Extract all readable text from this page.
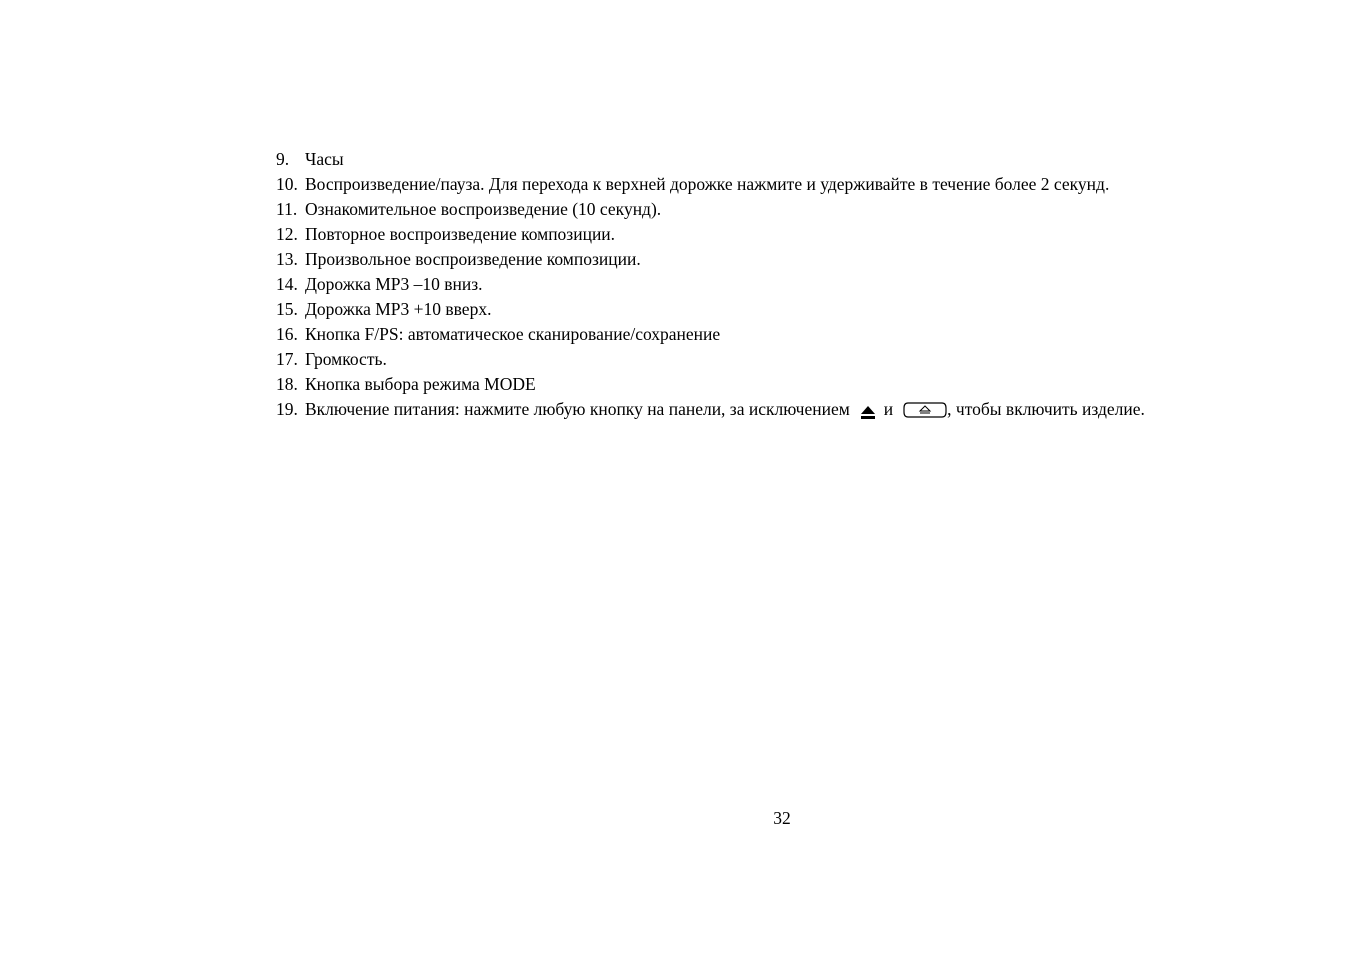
9. Часы
10. Воспроизведение/пауза. Для перехода к верхней дорожке нажмите и удерживайте в течение более 2 секунд.
11. Ознакомительное воспроизведение (10 секунд).
12. Повторное воспроизведение композиции.
13. Произвольное воспроизведение композиции.
14. Дорожка MP3 –10 вниз.
15. Дорожка MP3 +10 вверх.
16. Кнопка F/PS: автоматическое сканирование/сохранение
17. Громкость.
18. Кнопка выбора режима MODE
19. Включение питания: нажмите любую кнопку на панели, за исключением и	, чтобы включить изделие.
32
